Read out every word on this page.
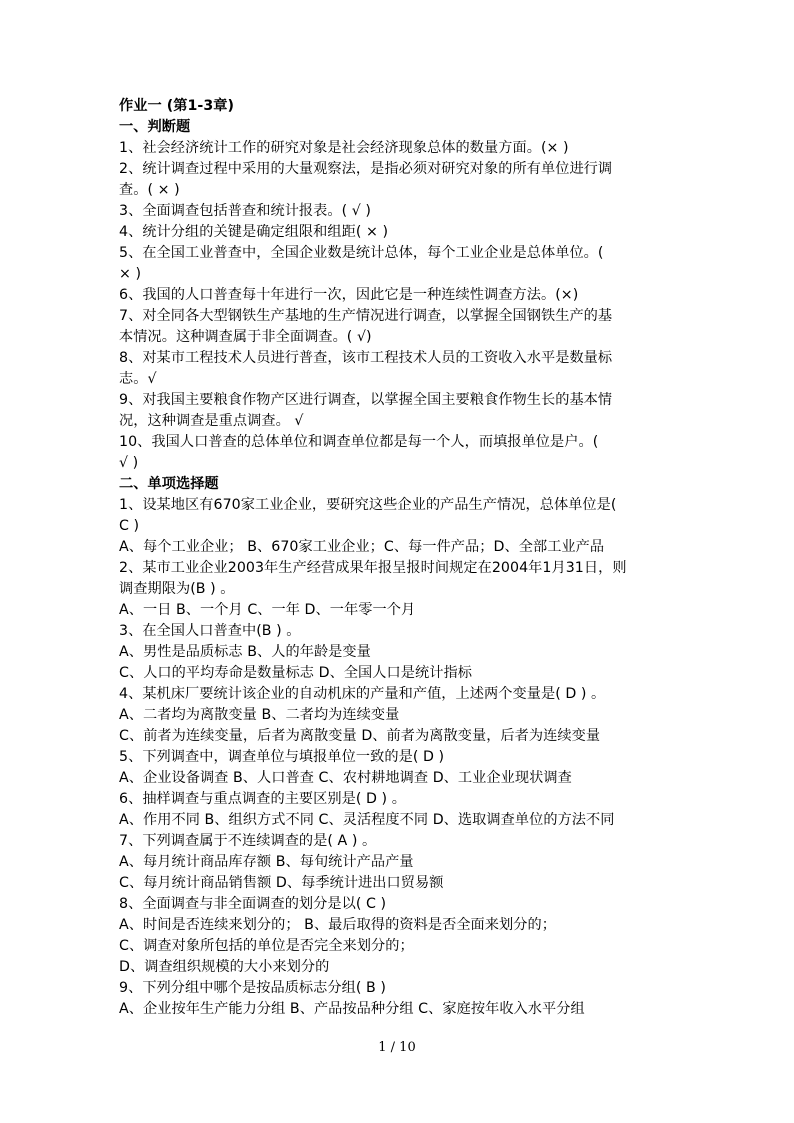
作业一 (第1-3章)
一、判断题
1、社会经济统计工作的研究对象是社会经济现象总体的数量方面。(× )
2、统计调查过程中采用的大量观察法，是指必须对研究对象的所有单位进行调
查。( × )
3、全面调查包括普查和统计报表。( √ )
4、统计分组的关键是确定组限和组距( × )
5、在全国工业普查中，全国企业数是统计总体，每个工业企业是总体单位。(
× )
6、我国的人口普查每十年进行一次，因此它是一种连续性调查方法。(×)
7、对全同各大型钢铁生产基地的生产情况进行调查，以掌握全国钢铁生产的基
本情况。这种调查属于非全面调查。( √)
8、对某市工程技术人员进行普查，该市工程技术人员的工资收入水平是数量标
志。√
9、对我国主要粮食作物产区进行调查，以掌握全国主要粮食作物生长的基本情
况，这种调查是重点调查。 √
10、我国人口普查的总体单位和调查单位都是每一个人，而填报单位是户。(
√ )
二、单项选择题
1、设某地区有670家工业企业，要研究这些企业的产品生产情况，总体单位是(
C )
A、每个工业企业； B、670家工业企业；C、每一件产品；D、全部工业产品
2、某市工业企业2003年生产经营成果年报呈报时间规定在2004年1月31日，则
调查期限为(B ) 。
A、一日 B、一个月 C、一年 D、一年零一个月
3、在全国人口普查中(B ) 。
A、男性是品质标志 B、人的年龄是变量
C、人口的平均寿命是数量标志 D、全国人口是统计指标
4、某机床厂要统计该企业的自动机床的产量和产值，上述两个变量是( D ) 。
A、二者均为离散变量 B、二者均为连续变量
C、前者为连续变量，后者为离散变量 D、前者为离散变量，后者为连续变量
5、下列调查中，调查单位与填报单位一致的是( D )
A、企业设备调查 B、人口普查 C、农村耕地调查 D、工业企业现状调查
6、抽样调查与重点调查的主要区别是( D ) 。
A、作用不同 B、组织方式不同 C、灵活程度不同 D、选取调查单位的方法不同
7、下列调查属于不连续调查的是( A ) 。
A、每月统计商品库存额 B、每旬统计产品产量
C、每月统计商品销售额 D、每季统计进出口贸易额
8、全面调查与非全面调查的划分是以( C )
A、时间是否连续来划分的； B、最后取得的资料是否全面来划分的；
C、调查对象所包括的单位是否完全来划分的；
D、调查组织规模的大小来划分的
9、下列分组中哪个是按品质标志分组( B )
A、企业按年生产能力分组 B、产品按品种分组 C、家庭按年收入水平分组
1 / 10
